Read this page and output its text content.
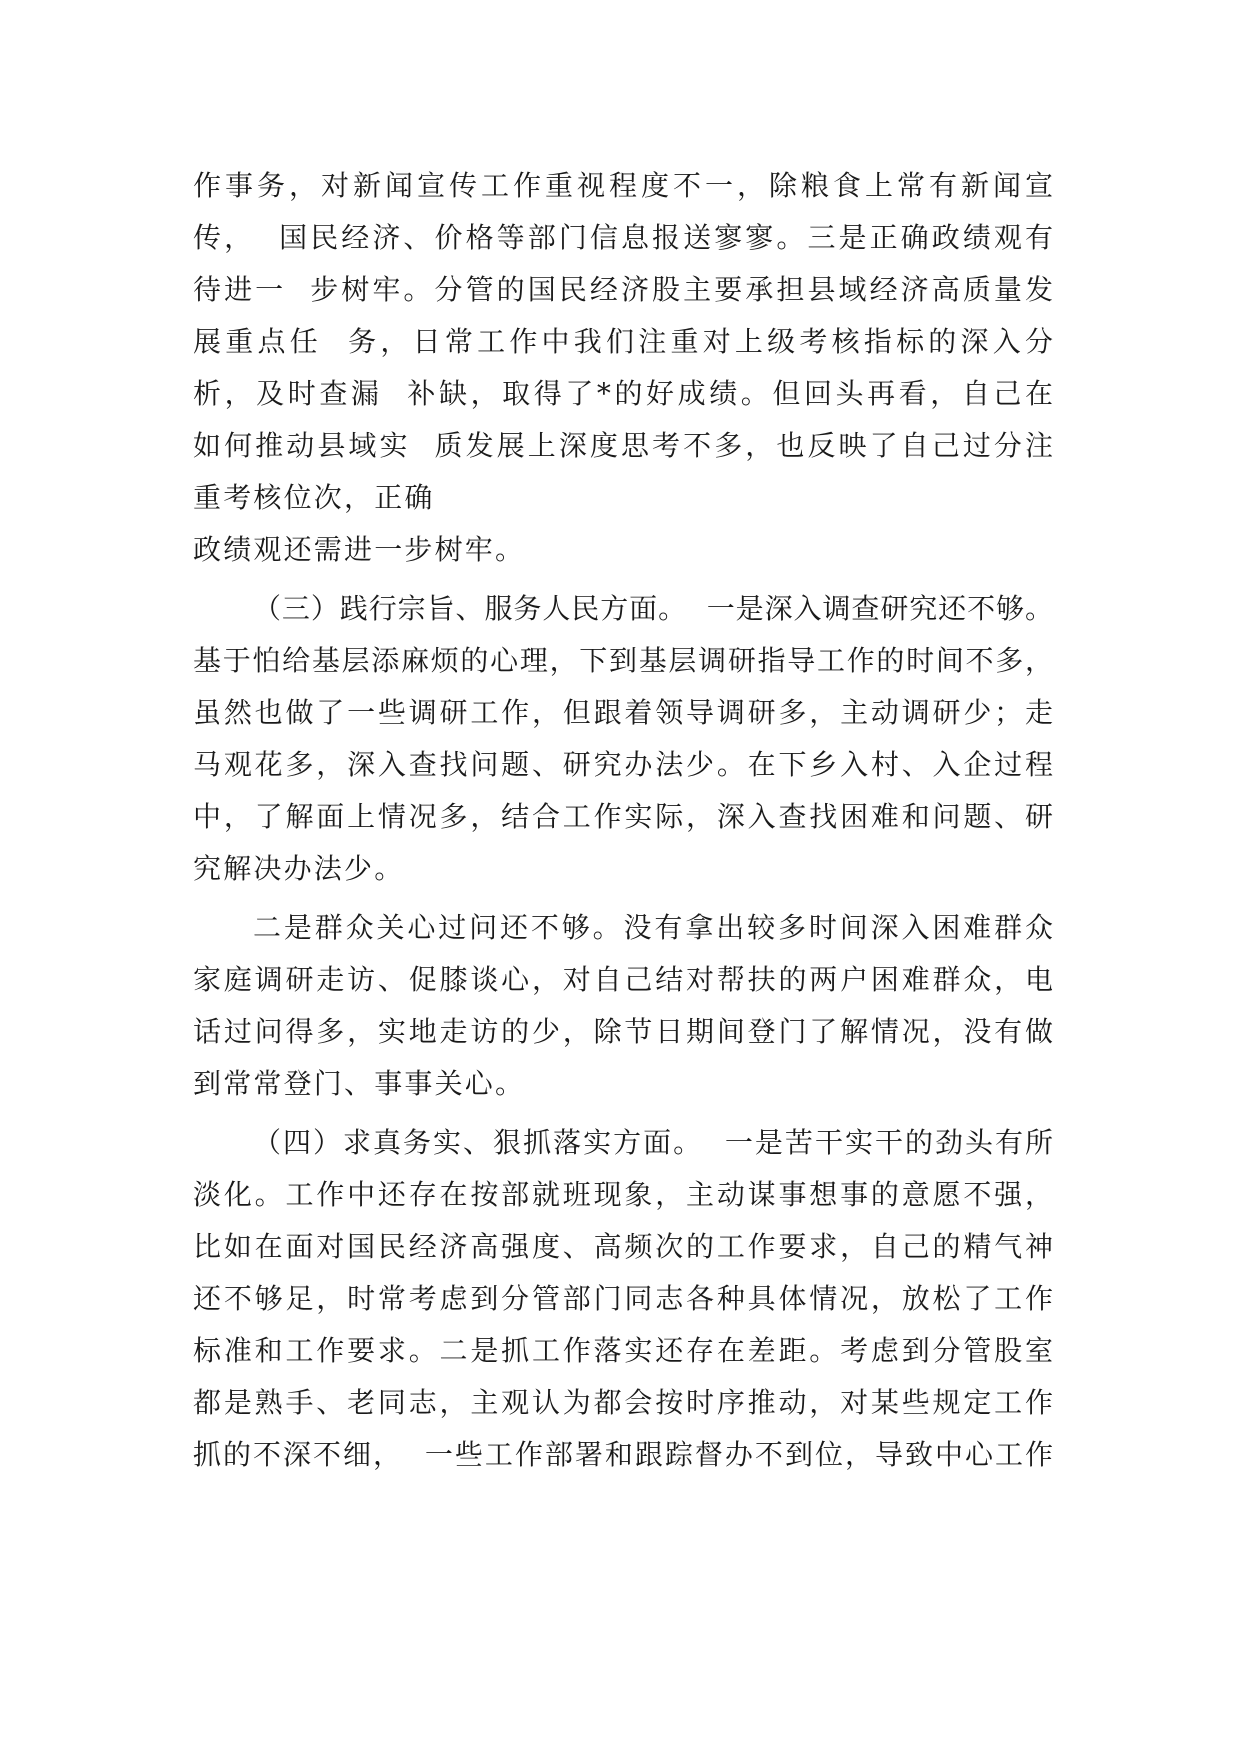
作事务，对新闻宣传工作重视程度不一，除粮食上常有新闻宣
传，  国民经济、价格等部门信息报送寥寥。三是正确政绩观有
待进一  步树牢。分管的国民经济股主要承担县域经济高质量发
展重点任  务，日常工作中我们注重对上级考核指标的深入分
析，及时查漏  补缺，取得了*的好成绩。但回头再看，自己在
如何推动县域实  质发展上深度思考不多，也反映了自己过分注
重考核位次，正确
政绩观还需进一步树牢。
（三）践行宗旨、服务人民方面。  一是深入调查研究还不够。
基于怕给基层添麻烦的心理，下到基层调研指导工作的时间不多，
虽然也做了一些调研工作，但跟着领导调研多，主动调研少；走
马观花多，深入查找问题、研究办法少。在下乡入村、入企过程
中，了解面上情况多，结合工作实际，深入查找困难和问题、研
究解决办法少。
二是群众关心过问还不够。没有拿出较多时间深入困难群众
家庭调研走访、促膝谈心，对自己结对帮扶的两户困难群众，电
话过问得多，实地走访的少，除节日期间登门了解情况，没有做
到常常登门、事事关心。
（四）求真务实、狠抓落实方面。  一是苦干实干的劲头有所
淡化。工作中还存在按部就班现象，主动谋事想事的意愿不强，
比如在面对国民经济高强度、高频次的工作要求，自己的精气神
还不够足，时常考虑到分管部门同志各种具体情况，放松了工作
标准和工作要求。二是抓工作落实还存在差距。考虑到分管股室
都是熟手、老同志，主观认为都会按时序推动，对某些规定工作
抓的不深不细，  一些工作部署和跟踪督办不到位，导致中心工作
